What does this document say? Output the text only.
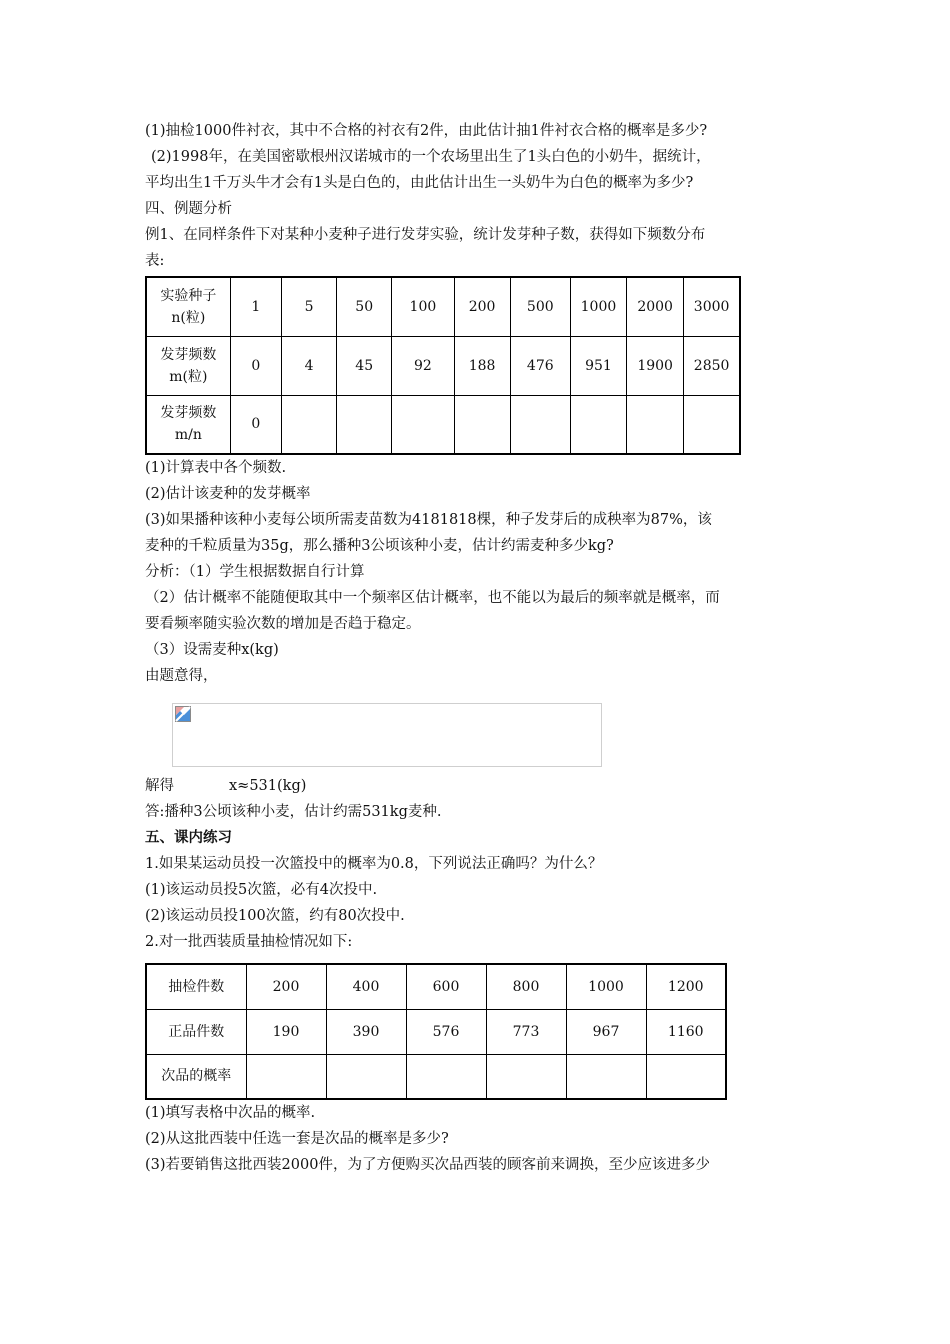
(1)抽检1000件衬衣，其中不合格的衬衣有2件，由此估计抽1件衬衣合格的概率是多少?
(2)1998年，在美国密歇根州汉诺城市的一个农场里出生了1头白色的小奶牛，据统计，
平均出生1千万头牛才会有1头是白色的，由此估计出生一头奶牛为白色的概率为多少?
四、例题分析
例1、在同样条件下对某种小麦种子进行发芽实验，统计发芽种子数，获得如下频数分布
表:
实验种子
n(粒)	1	5	50	100	200	500	1000	2000	3000
发芽频数
m(粒)	0	4	45	92	188	476	951	1900	2850
发芽频数
m/n	0								
(1)计算表中各个频数.
(2)估计该麦种的发芽概率
(3)如果播种该种小麦每公顷所需麦苗数为4181818棵，种子发芽后的成秧率为87%，该
麦种的千粒质量为35g，那么播种3公顷该种小麦，估计约需麦种多少kg?
分析：（1）学生根据数据自行计算
（2）估计概率不能随便取其中一个频率区估计概率，也不能以为最后的频率就是概率，而
要看频率随实验次数的增加是否趋于稳定。
（3）设需麦种x(kg)
由题意得，
解得	x≈531(kg)
答:播种3公顷该种小麦，估计约需531kg麦种.
五、课内练习
1.如果某运动员投一次篮投中的概率为0.8，下列说法正确吗？为什么？
(1)该运动员投5次篮，必有4次投中.
(2)该运动员投100次篮，约有80次投中.
2.对一批西装质量抽检情况如下:
抽检件数	200	400	600	800	1000	1200
正品件数	190	390	576	773	967	1160
次品的概率						
(1)填写表格中次品的概率.
(2)从这批西装中任选一套是次品的概率是多少?
(3)若要销售这批西装2000件，为了方便购买次品西装的顾客前来调换，至少应该进多少
